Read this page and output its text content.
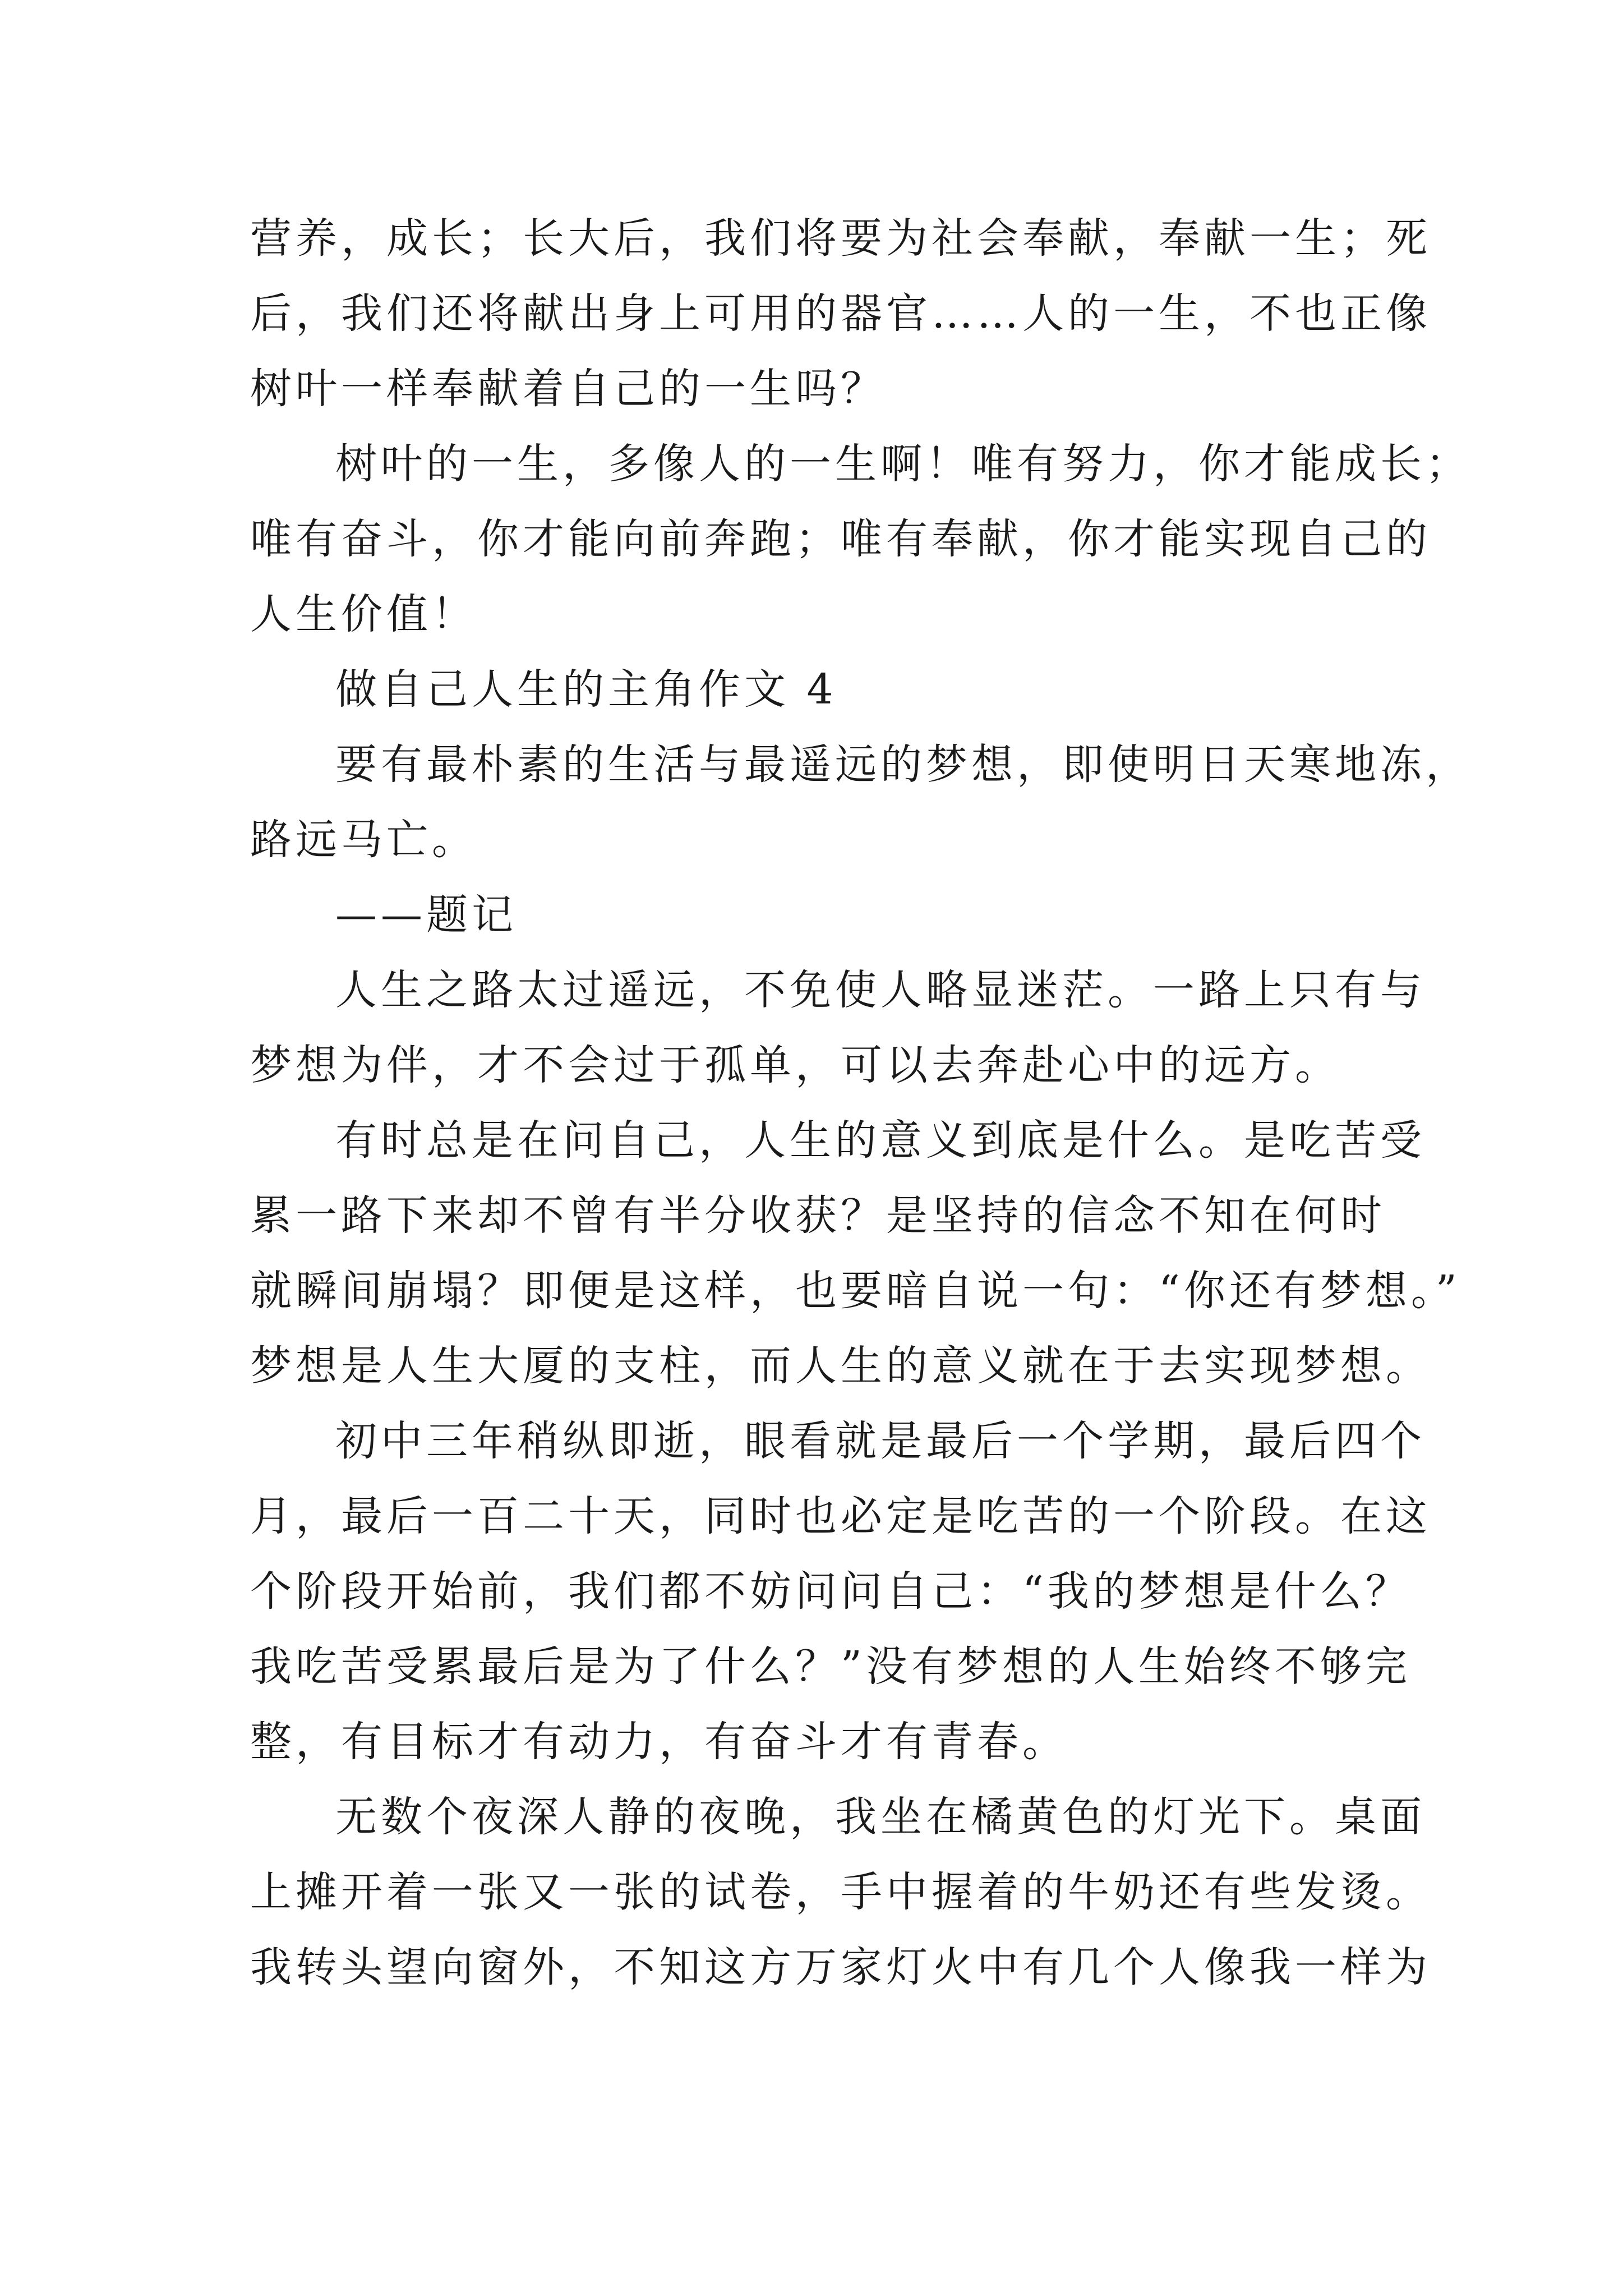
营养，成长；长大后，我们将要为社会奉献，奉献一生；死
后，我们还将献出身上可用的器官……人的一生，不也正像
树叶一样奉献着自己的一生吗？
树叶的一生，多像人的一生啊！唯有努力，你才能成长；
唯有奋斗，你才能向前奔跑；唯有奉献，你才能实现自己的
人生价值！
做自己人生的主角作文 4
要有最朴素的生活与最遥远的梦想，即使明日天寒地冻，
路远马亡。
——题记
人生之路太过遥远，不免使人略显迷茫。一路上只有与
梦想为伴，才不会过于孤单，可以去奔赴心中的远方。
有时总是在问自己，人生的意义到底是什么。是吃苦受
累一路下来却不曾有半分收获？是坚持的信念不知在何时
就瞬间崩塌？即便是这样，也要暗自说一句：“你还有梦想。”
梦想是人生大厦的支柱，而人生的意义就在于去实现梦想。
初中三年稍纵即逝，眼看就是最后一个学期，最后四个
月，最后一百二十天，同时也必定是吃苦的一个阶段。在这
个阶段开始前，我们都不妨问问自己：“我的梦想是什么？
我吃苦受累最后是为了什么？”没有梦想的人生始终不够完
整，有目标才有动力，有奋斗才有青春。
无数个夜深人静的夜晚，我坐在橘黄色的灯光下。桌面
上摊开着一张又一张的试卷，手中握着的牛奶还有些发烫。
我转头望向窗外，不知这方万家灯火中有几个人像我一样为
